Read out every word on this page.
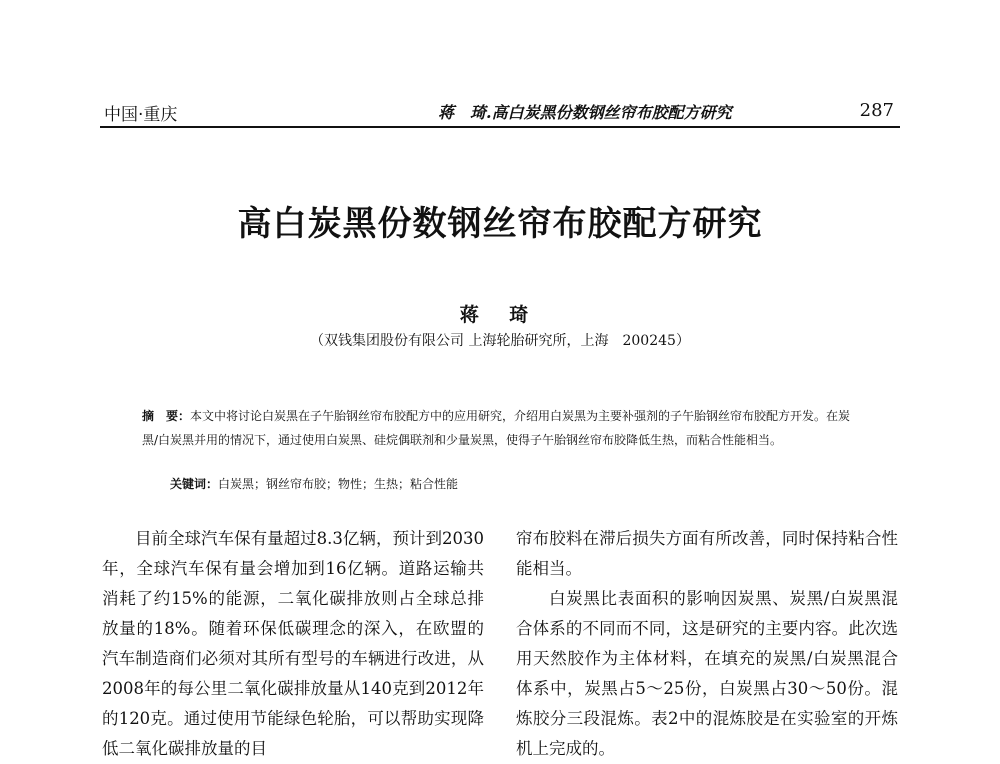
中国·重庆	蒋　琦.高白炭黑份数钢丝帘布胶配方研究	287
高白炭黑份数钢丝帘布胶配方研究
蒋 琦
（双钱集团股份有限公司 上海轮胎研究所，上海　200245）
摘　要：本文中将讨论白炭黑在子午胎钢丝帘布胶配方中的应用研究，介绍用白炭黑为主要补强剂的子午胎钢丝帘布胶配方开发。在炭黑/白炭黑并用的情况下，通过使用白炭黑、硅烷偶联剂和少量炭黑，使得子午胎钢丝帘布胶降低生热，而粘合性能相当。
关键词：白炭黑；钢丝帘布胶；物性；生热；粘合性能

目前全球汽车保有量超过8.3亿辆，预计到2030年，全球汽车保有量会增加到16亿辆。道路运输共消耗了约15%的能源，二氧化碳排放则占全球总排放量的18%。随着环保低碳理念的深入，在欧盟的汽车制造商们必须对其所有型号的车辆进行改进，从2008年的每公里二氧化碳排放量从140克到2012年的120克。通过使用节能绿色轮胎，可以帮助实现降低二氧化碳排放量的目

帘布胶料在滞后损失方面有所改善，同时保持粘合性能相当。

白炭黑比表面积的影响因炭黑、炭黑/白炭黑混合体系的不同而不同，这是研究的主要内容。此次选用天然胶作为主体材料，在填充的炭黑/白炭黑混合体系中，炭黑占5～25份，白炭黑占30～50份。混炼胶分三段混炼。表2中的混炼胶是在实验室的开炼机上完成的。
